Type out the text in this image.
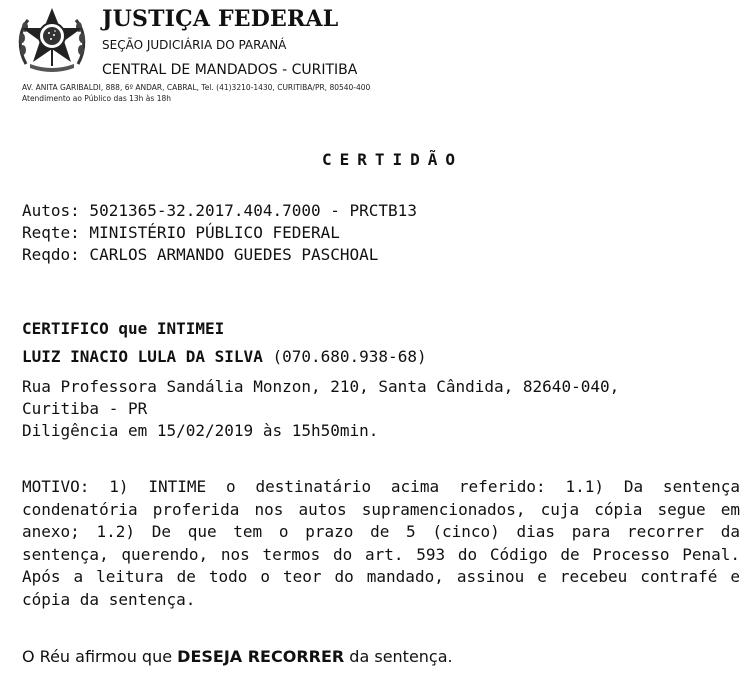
JUSTIÇA FEDERAL
SEÇÃO JUDICIÁRIA DO PARANÁ
CENTRAL DE MANDADOS - CURITIBA
AV. ANITA GARIBALDI, 888, 6º ANDAR, CABRAL, Tel. (41)3210-1430, CURITIBA/PR, 80540-400
Atendimento ao Público das 13h às 18h
CERTIDÃO
Autos: 5021365-32.2017.404.7000 - PRCTB13
Reqte: MINISTÉRIO PÚBLICO FEDERAL
Reqdo: CARLOS ARMANDO GUEDES PASCHOAL
CERTIFICO que INTIMEI
LUIZ INACIO LULA DA SILVA (070.680.938-68)
Rua Professora Sandália Monzon, 210, Santa Cândida, 82640-040,
Curitiba - PR
Diligência em 15/02/2019 às 15h50min.
MOTIVO: 1) INTIME o destinatário acima referido: 1.1) Da sentença condenatória proferida nos autos supramencionados, cuja cópia segue em anexo; 1.2) De que tem o prazo de 5 (cinco) dias para recorrer da sentença, querendo, nos termos do art. 593 do Código de Processo Penal. Após a leitura de todo o teor do mandado, assinou e recebeu contrafé e cópia da sentença.
O Réu afirmou que DESEJA RECORRER da sentença.
